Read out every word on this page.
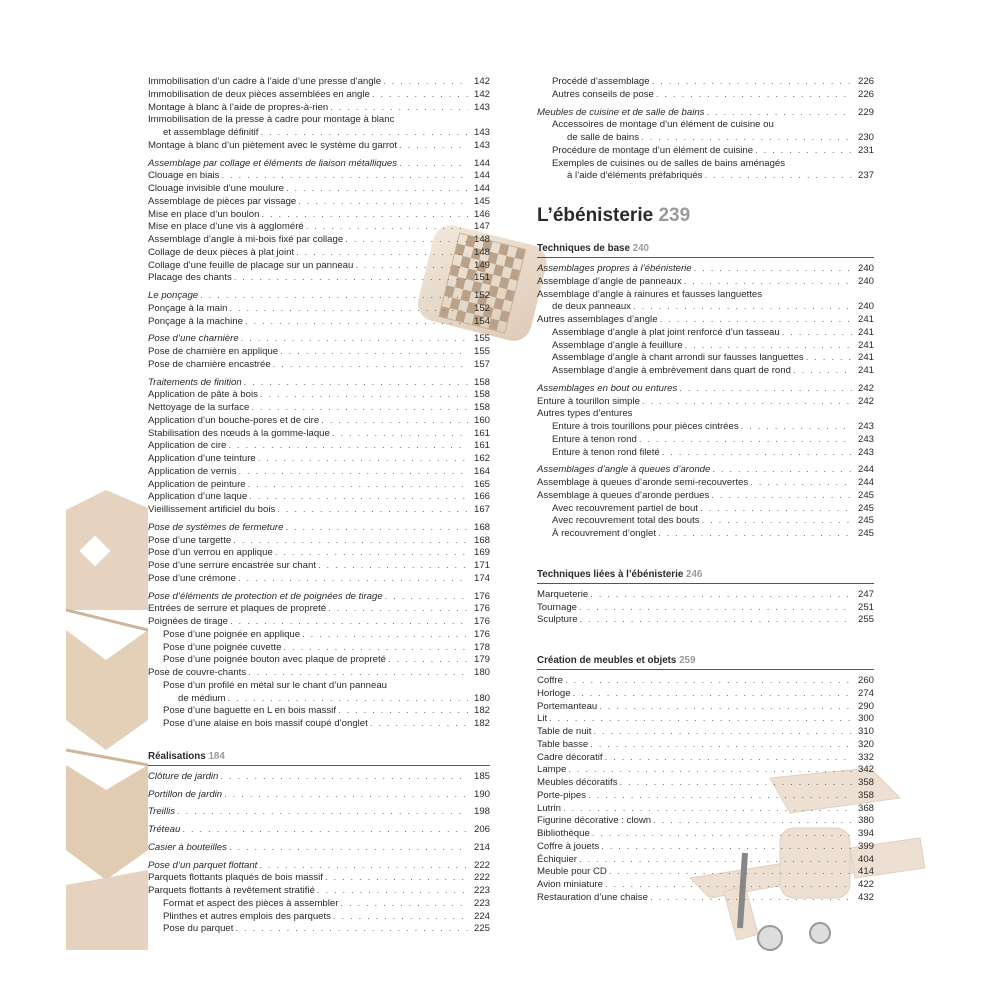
Immobilisation d’un cadre à l’aide d’une presse d’angle . . .	142
Immobilisation de deux pièces assemblées en angle . . .	142
Montage à blanc à l’aide de propres-à-rien . . .	143
Immobilisation de la presse à cadre pour montage à blanc
et assemblage définitif . . .	143
Montage à blanc d’un piètement avec le système du garrot . . .	143
Assemblage par collage et éléments de liaison métalliques . . .	144
Clouage en biais . . .	144
Clouage invisible d’une moulure . . .	144
Assemblage de pièces par vissage . . .	145
Mise en place d’un boulon . . .	146
Mise en place d’une vis à aggloméré . . .	147
Assemblage d’angle à mi-bois fixé par collage . . .	148
Collage de deux pièces à plat joint . . .	148
Collage d’une feuille de placage sur un panneau . . .	149
Placage des chants . . .	151
Le ponçage . . .	152
Ponçage à la main . . .	152
Ponçage à la machine . . .	154
Pose d’une charnière . . .	155
Pose de charnière en applique . . .	155
Pose de charnière encastrée . . .	157
Traitements de finition . . .	158
Application de pâte à bois . . .	158
Nettoyage de la surface . . .	158
Application d’un bouche-pores et de cire . . .	160
Stabilisation des nœuds à la gomme-laque . . .	161
Application de cire . . .	161
Application d’une teinture . . .	162
Application de vernis . . .	164
Application de peinture . . .	165
Application d’une laque . . .	166
Vieillissement artificiel du bois . . .	167
Pose de systèmes de fermeture . . .	168
Pose d’une targette . . .	168
Pose d’un verrou en applique . . .	169
Pose d’une serrure encastrée sur chant . . .	171
Pose d’une crémone . . .	174
Pose d’éléments de protection et de poignées de tirage . . .	176
Entrées de serrure et plaques de propreté . . .	176
Poignées de tirage . . .	176
Pose d’une poignée en applique . . .	176
Pose d’une poignée cuvette . . .	178
Pose d’une poignée bouton avec plaque de propreté . . .	179
Pose de couvre-chants . . .	180
Pose d’un profilé en métal sur le chant d’un panneau
de médium . . .	180
Pose d’une baguette en L en bois massif . . .	182
Pose d’une alaise en bois massif coupé d’onglet . . .	182
Réalisations 184
Clôture de jardin . . .	185
Portillon de jardin . . .	190
Treillis . . .	198
Tréteau . . .	206
Casier à bouteilles . . .	214
Pose d’un parquet flottant . . .	222
Parquets flottants plaqués de bois massif . . .	222
Parquets flottants à revêtement stratifié . . .	223
Format et aspect des pièces à assembler . . .	223
Plinthes et autres emplois des parquets . . .	224
Pose du parquet . . .	225
Procédé d’assemblage . . .	226
Autres conseils de pose . . .	226
Meubles de cuisine et de salle de bains . . .	229
Accessoires de montage d’un élément de cuisine ou
de salle de bains . . .	230
Procédure de montage d’un élément de cuisine . . .	231
Exemples de cuisines ou de salles de bains aménagés
à l’aide d’éléments préfabriqués . . .	237
L’ébénisterie 239
Techniques de base 240
Assemblages propres à l’ébénisterie . . .	240
Assemblage d’angle de panneaux . . .	240
Assemblage d’angle à rainures et fausses languettes
de deux panneaux . . .	240
Autres assemblages d’angle . . .	241
Assemblage d’angle à plat joint renforcé d’un tasseau . . .	241
Assemblage d’angle à feuillure . . .	241
Assemblage d’angle à chant arrondi sur fausses languettes . . .	241
Assemblage d’angle à embrèvement dans quart de rond . . .	241
Assemblages en bout ou entures . . .	242
Enture à tourillon simple . . .	242
Autres types d’entures
Enture à trois tourillons pour pièces cintrées . . .	243
Enture à tenon rond . . .	243
Enture à tenon rond fileté . . .	243
Assemblages d’angle à queues d’aronde . . .	244
Assemblage à queues d’aronde semi-recouvertes . . .	244
Assemblage à queues d’aronde perdues . . .	245
Avec recouvrement partiel de bout . . .	245
Avec recouvrement total des bouts . . .	245
À recouvrement d’onglet . . .	245
Techniques liées à l’ébénisterie 246
Marqueterie . . .	247
Tournage . . .	251
Sculpture . . .	255
Création de meubles et objets 259
Coffre . . .	260
Horloge . . .	274
Portemanteau . . .	290
Lit . . .	300
Table de nuit . . .	310
Table basse . . .	320
Cadre décoratif . . .	332
Lampe . . .	342
Meubles décoratifs . . .	358
Porte-pipes . . .	358
Lutrin . . .	368
Figurine décorative : clown . . .	380
Bibliothèque . . .	394
Coffre à jouets . . .	399
Échiquier . . .	404
Meuble pour CD . . .	414
Avion miniature . . .	422
Restauration d’une chaise . . .	432
